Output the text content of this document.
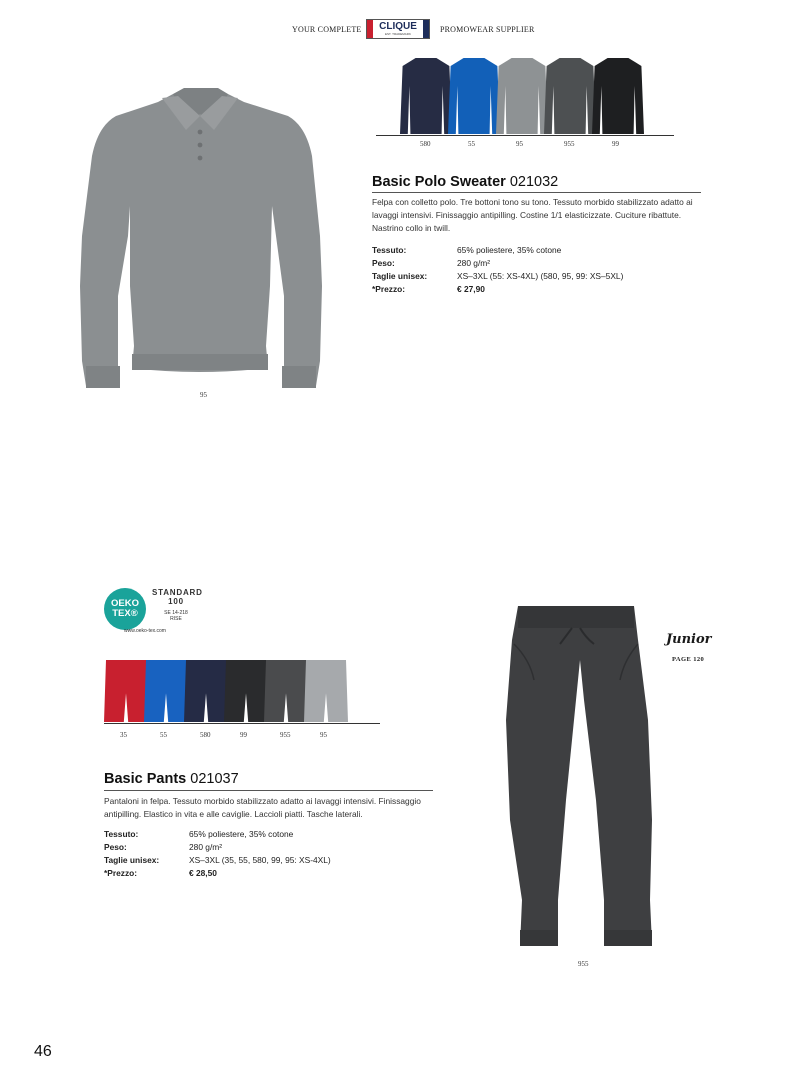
YOUR COMPLETE	CLIQUE
EST. TRADEMARK	PROMOWEAR SUPPLIER
95
580	55	95	955	99
Basic Polo Sweater 021032
Felpa con colletto polo. Tre bottoni tono su tono. Tessuto morbido stabilizzato adatto ai lavaggi intensivi. Finissaggio antipilling. Costine 1/1 elasticizzate. Cuciture ribattute. Nastrino collo in twill.
Tessuto:	65% poliestere, 35% cotone
Peso:	280 g/m²
Taglie unisex:	XS–3XL (55: XS-4XL) (580, 95, 99: XS–5XL)
*Prezzo:	€ 27,90
OEKO
TEX®
STANDARD
100
SE 14-218
RISE
www.oeko-tex.com
35	55	580	99	955	95
Basic Pants 021037
Pantaloni in felpa. Tessuto morbido stabilizzato adatto ai lavaggi intensivi. Finissaggio antipilling. Elastico in vita e alle caviglie. Laccioli piatti. Tasche laterali.
Tessuto:	65% poliestere, 35% cotone
Peso:	280 g/m²
Taglie unisex:	XS–3XL (35, 55, 580, 99, 95: XS-4XL)
*Prezzo:	€ 28,50
955
Junior
PAGE 120
46
